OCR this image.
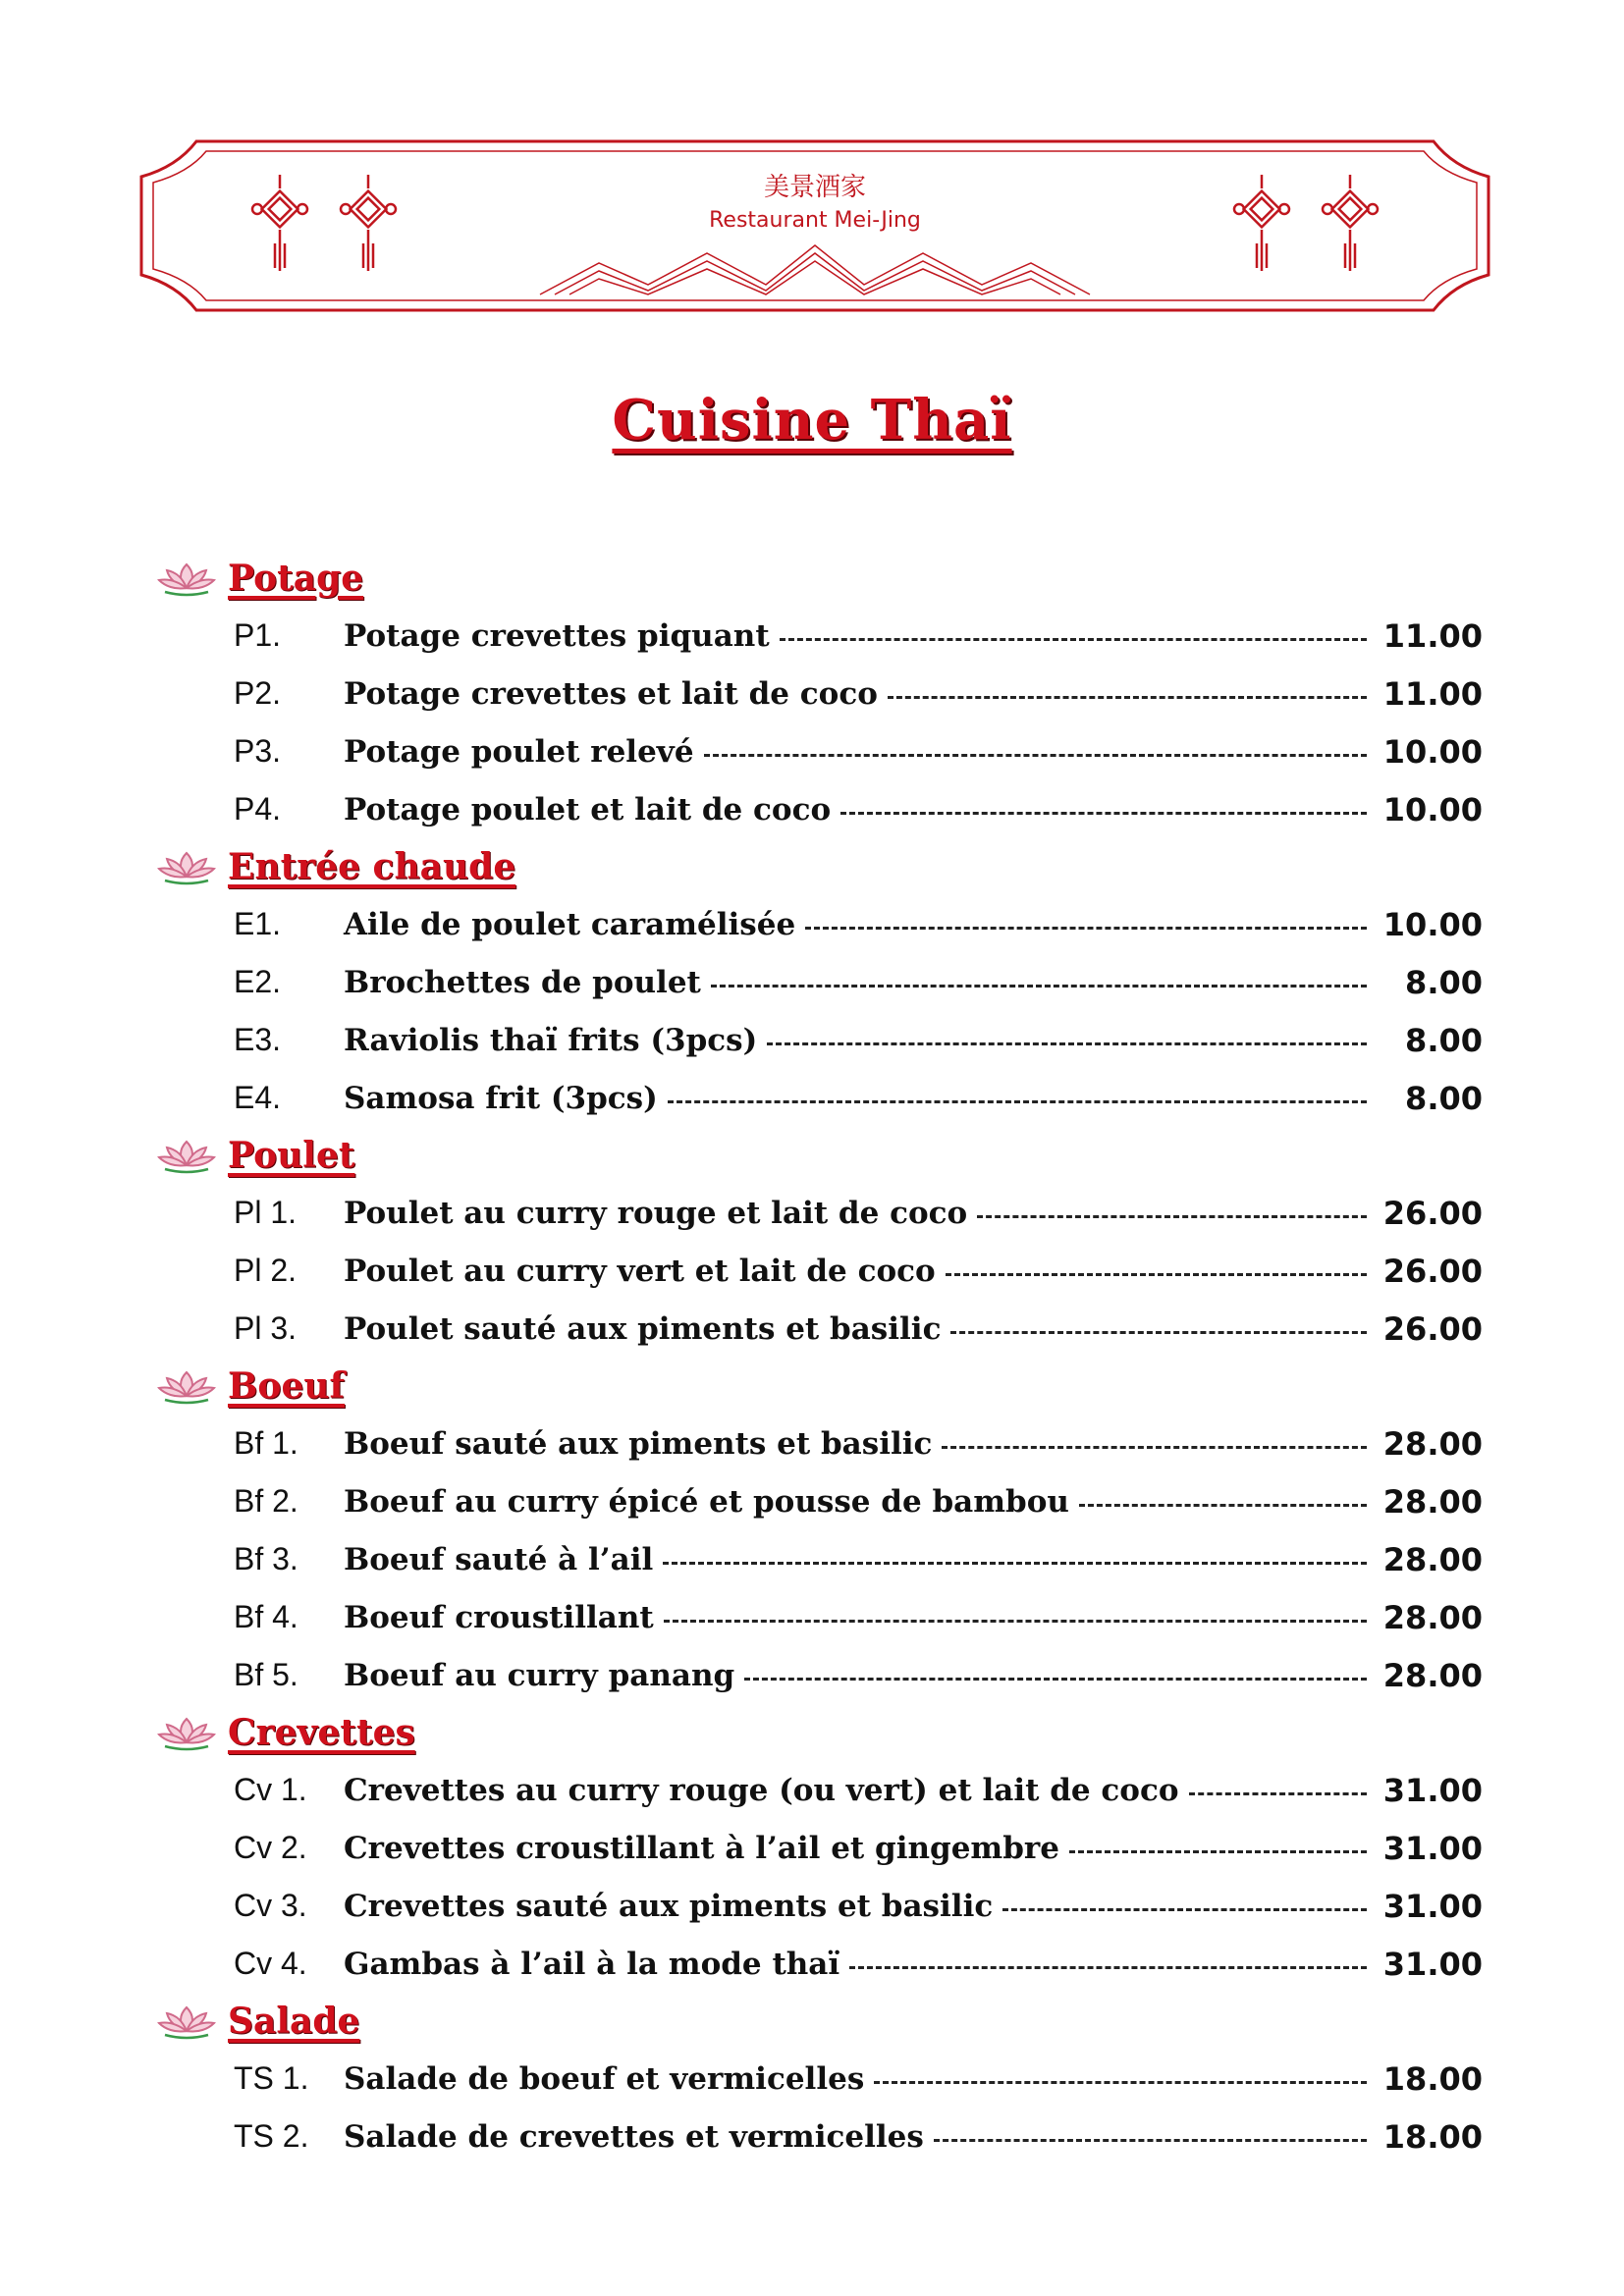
美景酒家
Restaurant Mei-Jing
Cuisine Thaï
Potage
P1.	Potage crevettes piquant	11.00
P2.	Potage crevettes et lait de coco	11.00
P3.	Potage poulet relevé	10.00
P4.	Potage poulet et lait de coco	10.00
Entrée chaude
E1.	Aile de poulet caramélisée	10.00
E2.	Brochettes de poulet	8.00
E3.	Raviolis thaï frits (3pcs)	8.00
E4.	Samosa frit (3pcs)	8.00
Poulet
Pl 1.	Poulet au curry rouge et lait de coco	26.00
Pl 2.	Poulet au curry vert et lait de coco	26.00
Pl 3.	Poulet sauté aux piments et basilic	26.00
Boeuf
Bf 1.	Boeuf sauté aux piments et basilic	28.00
Bf 2.	Boeuf au curry épicé et pousse de bambou	28.00
Bf 3.	Boeuf sauté à l’ail	28.00
Bf 4.	Boeuf croustillant	28.00
Bf 5.	Boeuf au curry panang	28.00
Crevettes
Cv 1.	Crevettes au curry rouge (ou vert) et lait de coco	31.00
Cv 2.	Crevettes croustillant à l’ail et gingembre	31.00
Cv 3.	Crevettes sauté aux piments et basilic	31.00
Cv 4.	Gambas à l’ail à la mode thaï	31.00
Salade
TS 1.	Salade de boeuf et vermicelles	18.00
TS 2.	Salade de crevettes et vermicelles	18.00
